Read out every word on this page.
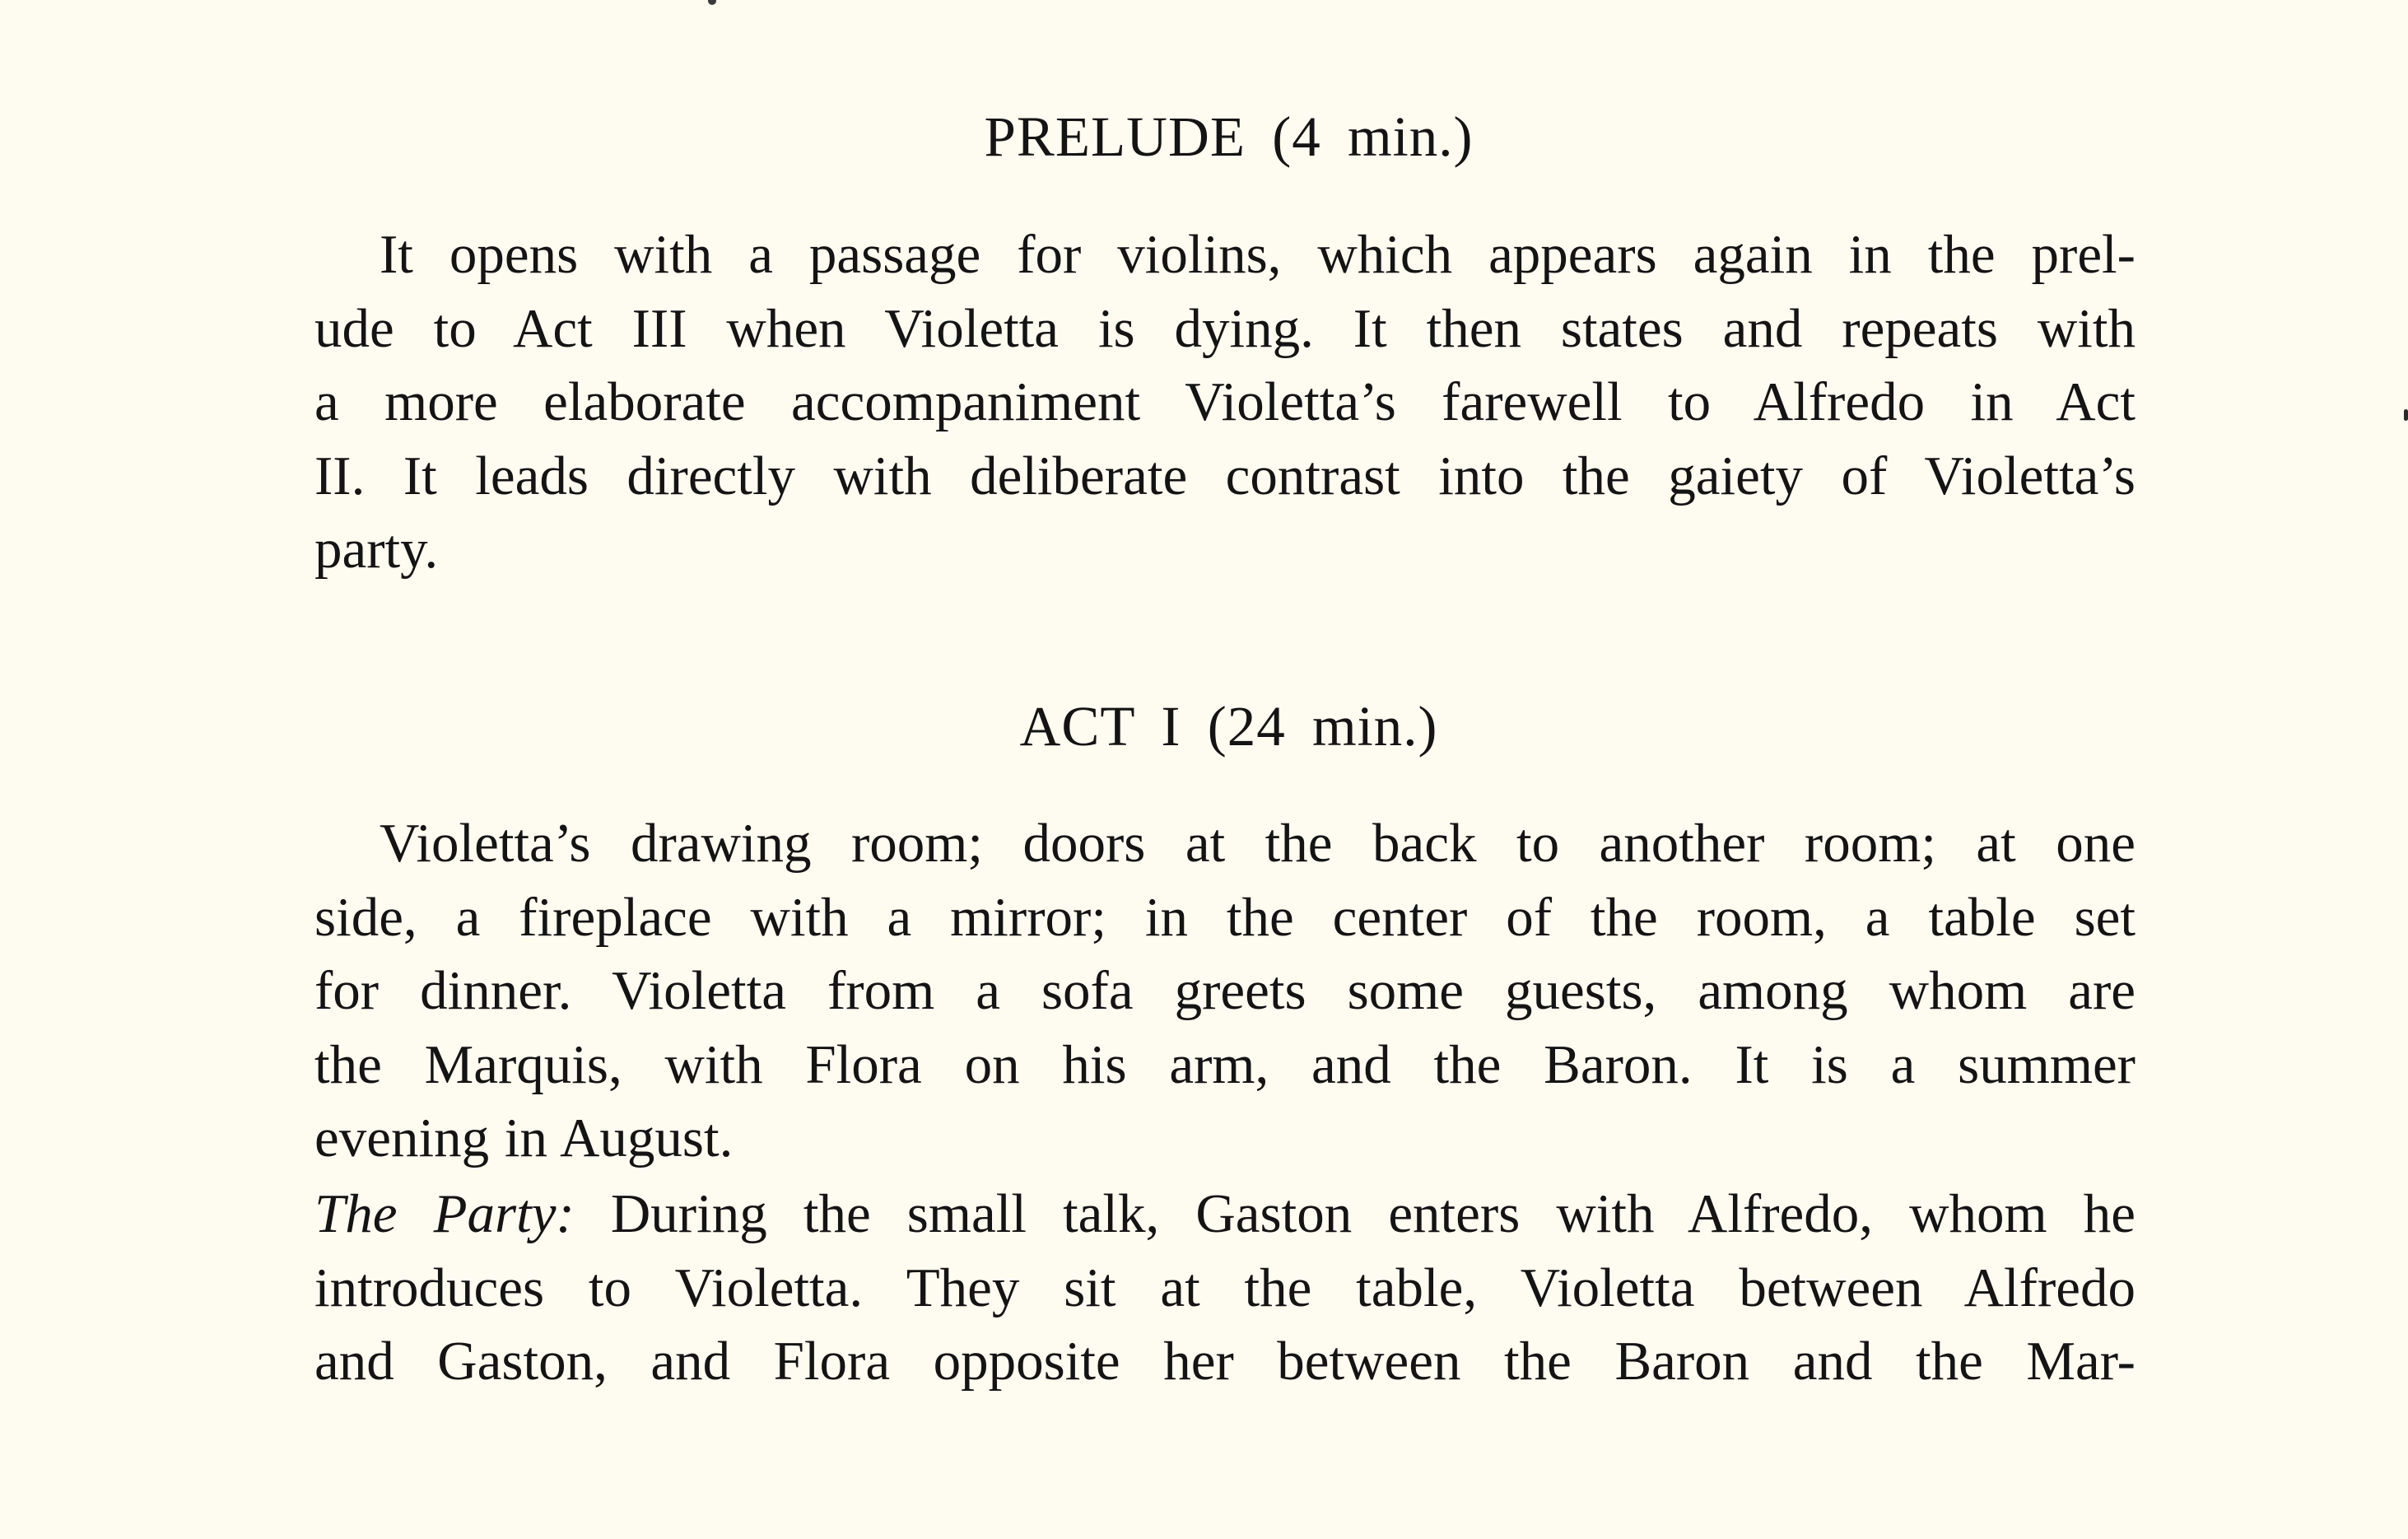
PRELUDE (4 min.)

It opens with a passage for violins, which appears again in the prel-
ude to Act III when Violetta is dying. It then states and repeats with
a more elaborate accompaniment Violetta’s farewell to Alfredo in Act
II. It leads directly with deliberate contrast into the gaiety of Violetta’s
party.

ACT I (24 min.)

Violetta’s drawing room; doors at the back to another room; at one
side, a fireplace with a mirror; in the center of the room, a table set
for dinner. Violetta from a sofa greets some guests, among whom are
the Marquis, with Flora on his arm, and the Baron. It is a summer
evening in August.

The Party: During the small talk, Gaston enters with Alfredo, whom he
introduces to Violetta. They sit at the table, Violetta between Alfredo
and Gaston, and Flora opposite her between the Baron and the Mar-
